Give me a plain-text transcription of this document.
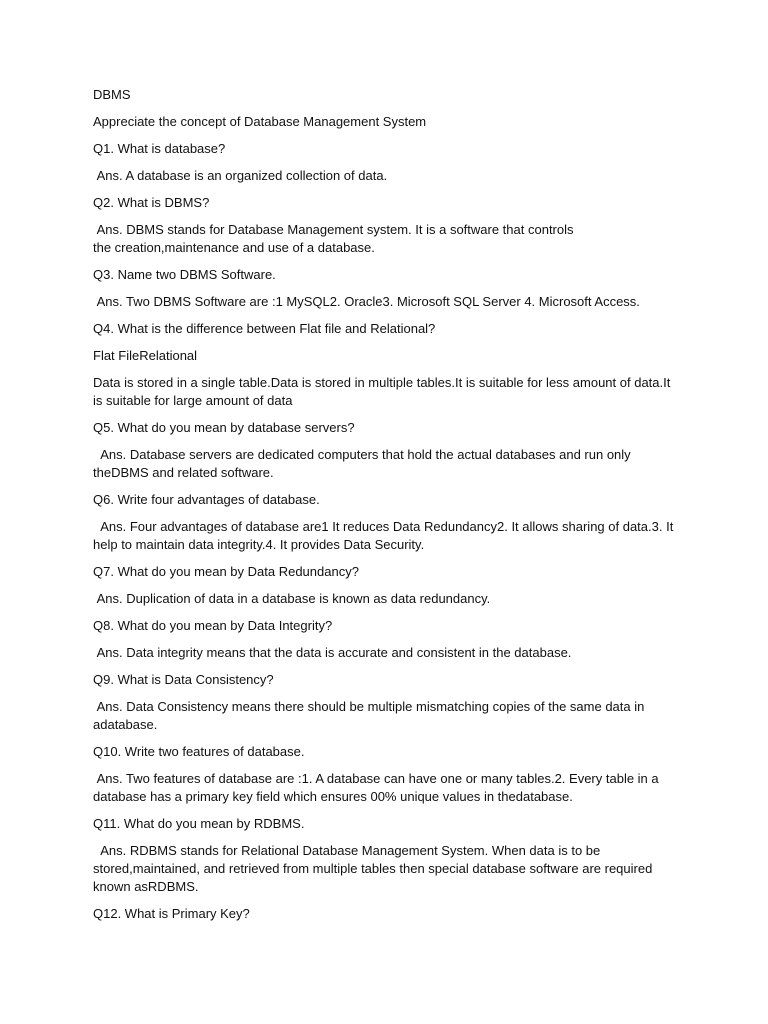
DBMS

Appreciate the concept of Database Management System

Q1. What is database?

Ans. A database is an organized collection of data.

Q2. What is DBMS?

Ans. DBMS stands for Database Management system. It is a software that controls
the creation,maintenance and use of a database.

Q3. Name two DBMS Software.

Ans. Two DBMS Software are :1 MySQL2. Oracle3. Microsoft SQL Server 4. Microsoft Access.

Q4. What is the difference between Flat file and Relational?

Flat FileRelational

Data is stored in a single table.Data is stored in multiple tables.It is suitable for less amount of data.It is suitable for large amount of data

Q5. What do you mean by database servers?

Ans. Database servers are dedicated computers that hold the actual databases and run only theDBMS and related software.

Q6. Write four advantages of database.

Ans. Four advantages of database are1 It reduces Data Redundancy2. It allows sharing of data.3. It help to maintain data integrity.4. It provides Data Security.

Q7. What do you mean by Data Redundancy?

Ans. Duplication of data in a database is known as data redundancy.

Q8. What do you mean by Data Integrity?

Ans. Data integrity means that the data is accurate and consistent in the database.

Q9. What is Data Consistency?

Ans. Data Consistency means there should be multiple mismatching copies of the same data in adatabase.

Q10. Write two features of database.

Ans. Two features of database are :1. A database can have one or many tables.2. Every table in a database has a primary key field which ensures 00% unique values in thedatabase.

Q11. What do you mean by RDBMS.

Ans. RDBMS stands for Relational Database Management System. When data is to be stored,maintained, and retrieved from multiple tables then special database software are required known asRDBMS.

Q12. What is Primary Key?
